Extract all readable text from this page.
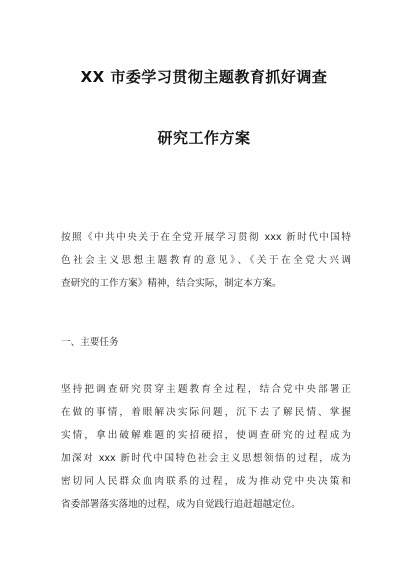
XX 市委学习贯彻主题教育抓好调查
研究工作方案
按照《中共中央关于在全党开展学习贯彻 xxx 新时代中国特
色社会主义思想主题教育的意见》、《关于在全党大兴调
查研究的工作方案》精神，结合实际，制定本方案。
一、主要任务
坚持把调查研究贯穿主题教育全过程，结合党中央部署正
在做的事情，着眼解决实际问题，沉下去了解民情、掌握
实情，拿出破解难题的实招硬招，使调查研究的过程成为
加深对 xxx 新时代中国特色社会主义思想领悟的过程，成为
密切同人民群众血肉联系的过程，成为推动党中央决策和
省委部署落实落地的过程，成为自觉践行追赶超越定位。
